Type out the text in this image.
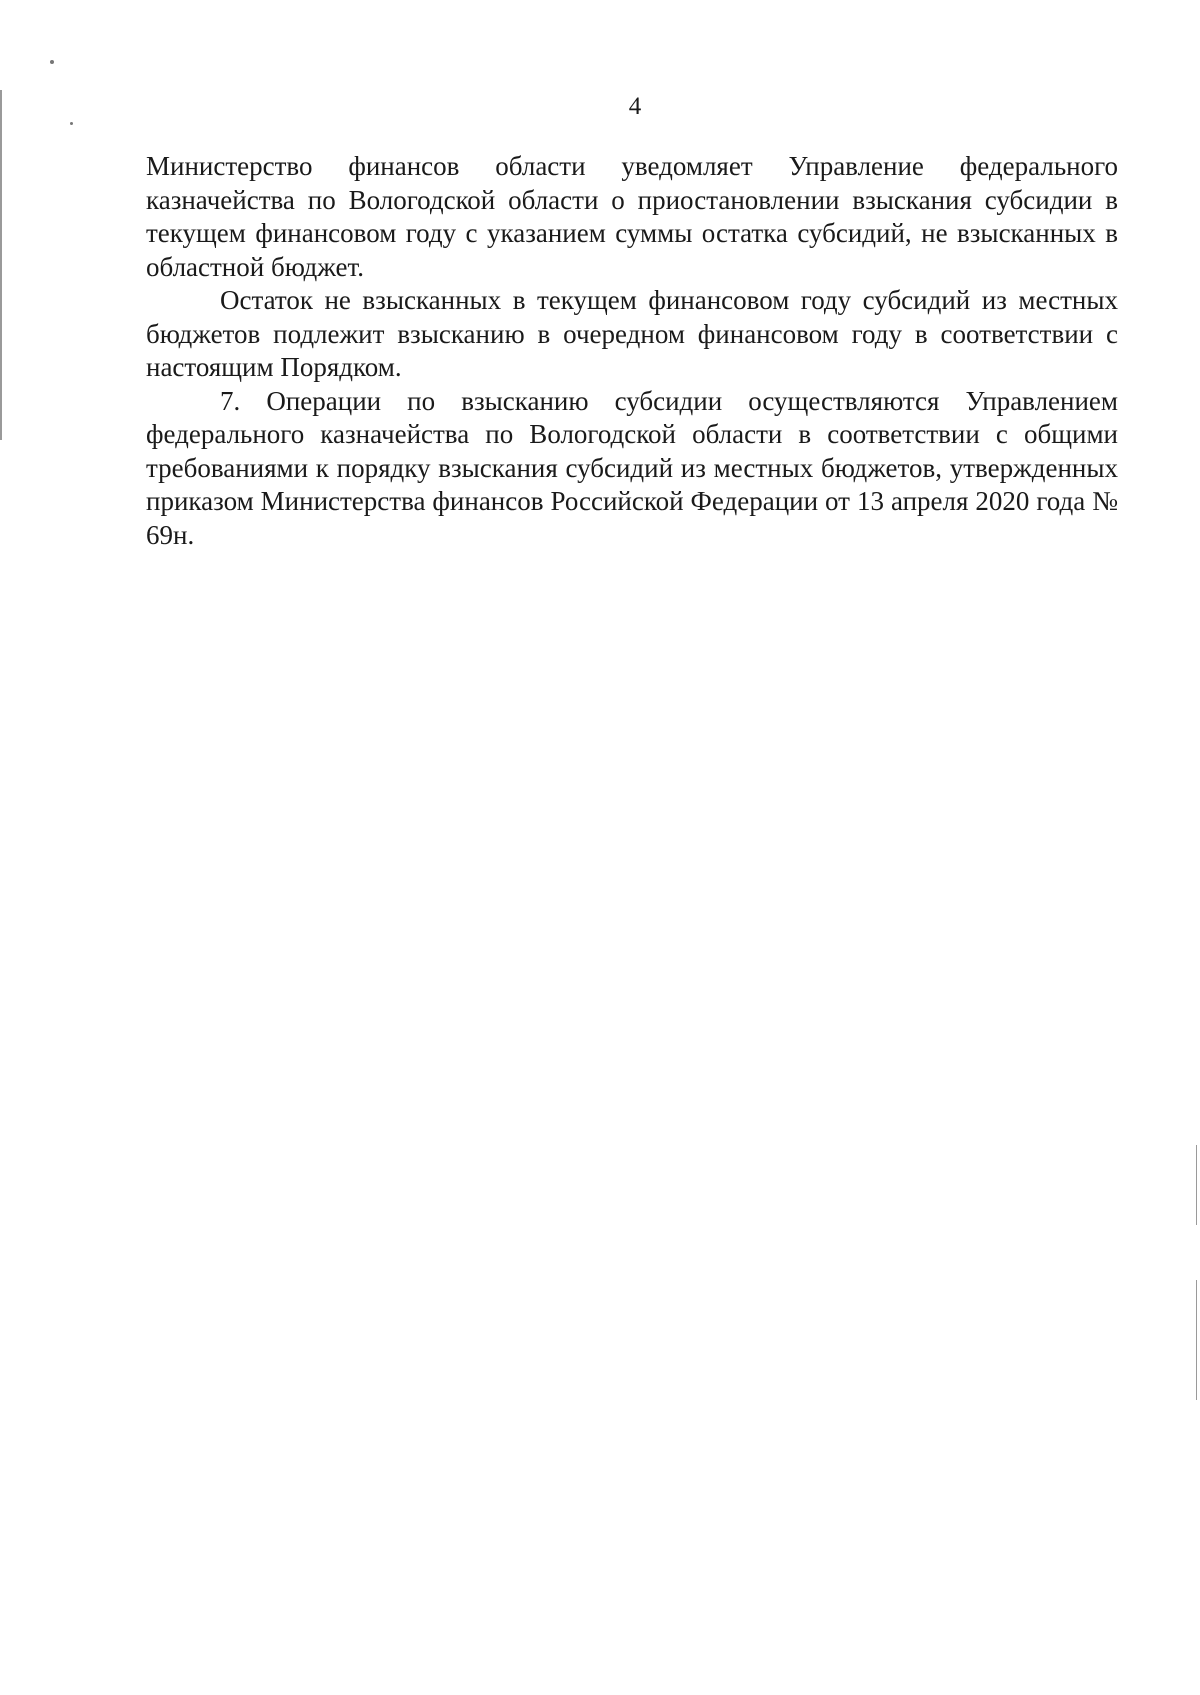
4

Министерство финансов области уведомляет Управление федерального казначейства по Вологодской области о приостановлении взыскания субсидии в текущем финансовом году с указанием суммы остатка субсидий, не взысканных в областной бюджет.

Остаток не взысканных в текущем финансовом году субсидий из местных бюджетов подлежит взысканию в очередном финансовом году в соответствии с настоящим Порядком.

7. Операции по взысканию субсидии осуществляются Управлением федерального казначейства по Вологодской области в соответствии с общими требованиями к порядку взыскания субсидий из местных бюджетов, утвержденных приказом Министерства финансов Российской Федерации от 13 апреля 2020 года № 69н.
